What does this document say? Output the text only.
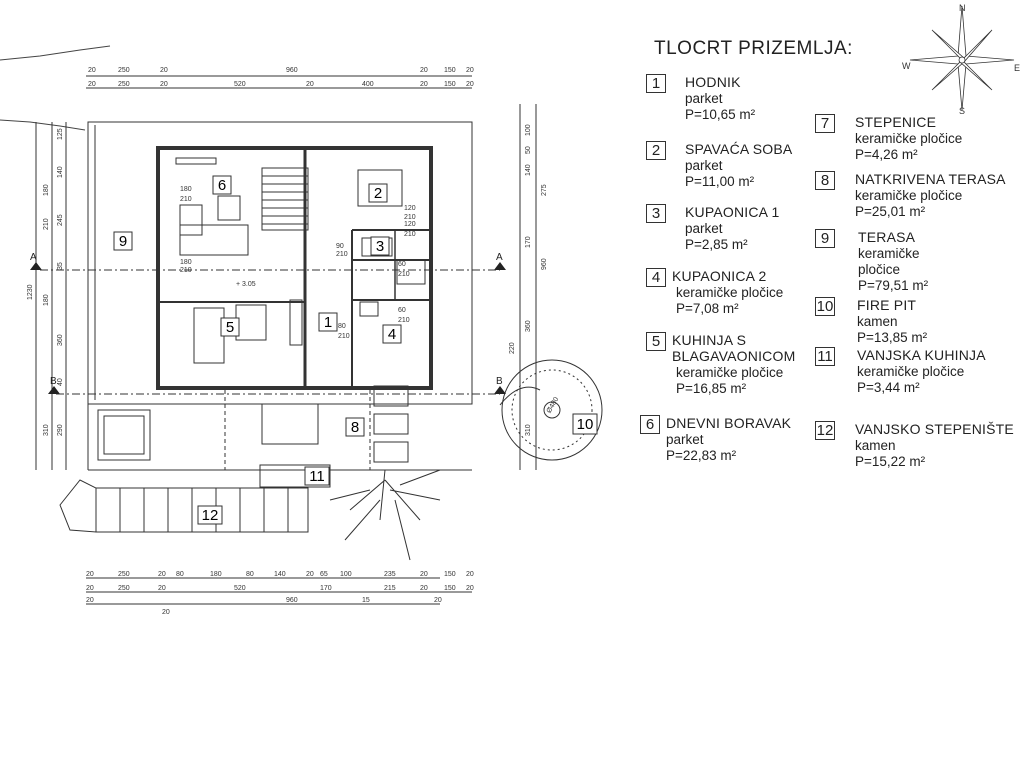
1
2
3
4
5
6
8
9
10
11
12
20	250	20	960	20 150 20
20	250	20	520	20	400	20 150 20
20	250	20 80	180	80	140	20 65 100	235	20 150 20
20	250	20	520	170	215	20 150 20
20	960	20
20
15
180
210
180
210
80
210
120
210
90
210
60
210
60
210
120
210
+ 3.05
Ø480
1230
180
210
180
310
125
140
245
35
360
40
290
960
100
50
140
275
170
220
360
310
A	A
B	B
TLOCRT PRIZEMLJA:
N
S
W	E
1	HODNIK
parket
P=10,65 m²
2	SPAVAĆA SOBA
parket
P=11,00 m²
3	KUPAONICA 1
parket
P=2,85 m²
4 KUPAONICA 2
keramičke pločice
P=7,08 m²
5 KUHINJA S
BLAGAVAONICOM
keramičke pločice
P=16,85 m²
6 DNEVNI BORAVAK
parket
P=22,83 m²
7	STEPENICE
keramičke pločice
P=4,26 m²
8	NATKRIVENA TERASA
keramičke pločice
P=25,01 m²
9	TERASA
keramičke
pločice
P=79,51 m²
10 FIRE PIT
kamen
P=13,85 m²
11 VANJSKA KUHINJA
keramičke pločice
P=3,44 m²
12 VANJSKO STEPENIŠTE
kamen
P=15,22 m²
